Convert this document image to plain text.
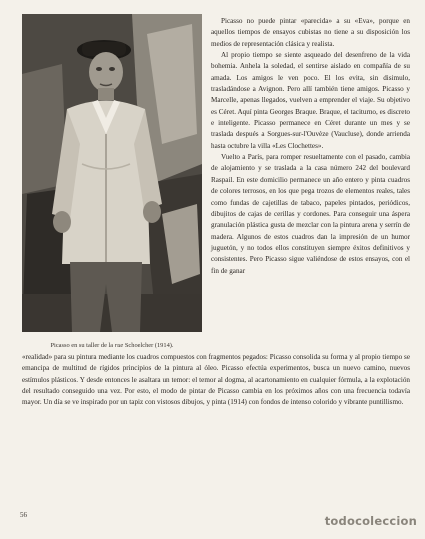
Picasso en su taller de la rue Schoelcher (1914).

Picasso no puede pintar «parecida» a su «Eva», porque en aquellos tiempos de ensayos cubistas no tiene a su disposición los medios de representación clásica y realista.

Al propio tiempo se siente asqueado del desenfreno de la vida bohemia. Anhela la soledad, el sentirse aislado en compañía de su amada. Los amigos le ven poco. El los evita, sin disimulo, trasladándose a Avignon. Pero allí también tiene amigos. Picasso y Marcelle, apenas llegados, vuelven a emprender el viaje. Su objetivo es Céret. Aquí pinta Georges Braque. Braque, el taciturno, es discreto e inteligente. Picasso permanece en Céret durante un mes y se traslada después a Sorgues-sur-l'Ouvèze (Vaucluse), donde arrienda hasta octubre la villa «Les Clochettes».

Vuelto a París, para romper resueltamente con el pasado, cambia de alojamiento y se traslada a la casa número 242 del boulevard Raspail. En este domicilio permanece un año entero y pinta cuadros de colores terrosos, en los que pega trozos de elementos reales, tales como fundas de cajetillas de tabaco, papeles pintados, periódicos, dibujitos de cajas de cerillas y cordones. Para conseguir una áspera granulación plástica gusta de mezclar con la pintura arena y serrín de madera. Algunos de estos cuadros dan la impresión de un humor juguetón, y no todos ellos constituyen siempre éxitos definitivos y consistentes. Pero Picasso sigue valiéndose de estos ensayos, con el fin de ganar

«realidad» para su pintura mediante los cuadros compuestos con fragmentos pegados: Picasso consolida su forma y al propio tiempo se emancipa de multitud de rígidos principios de la pintura al óleo. Picasso efectúa experimentos, busca un nuevo camino, nuevos estímulos plásticos. Y desde entonces le asaltara un temor: el temor al dogma, al acartonamiento en cualquier fórmula, a la explotación del resultado conseguido una vez. Por esto, el modo de pintar de Picasso cambia en los próximos años con una frecuencia todavía mayor. Un día se ve inspirado por un tapiz con vistosos dibujos, y pinta (1914) con fondos de intenso colorido y vibrante puntillismo.

56	todocoleccion
